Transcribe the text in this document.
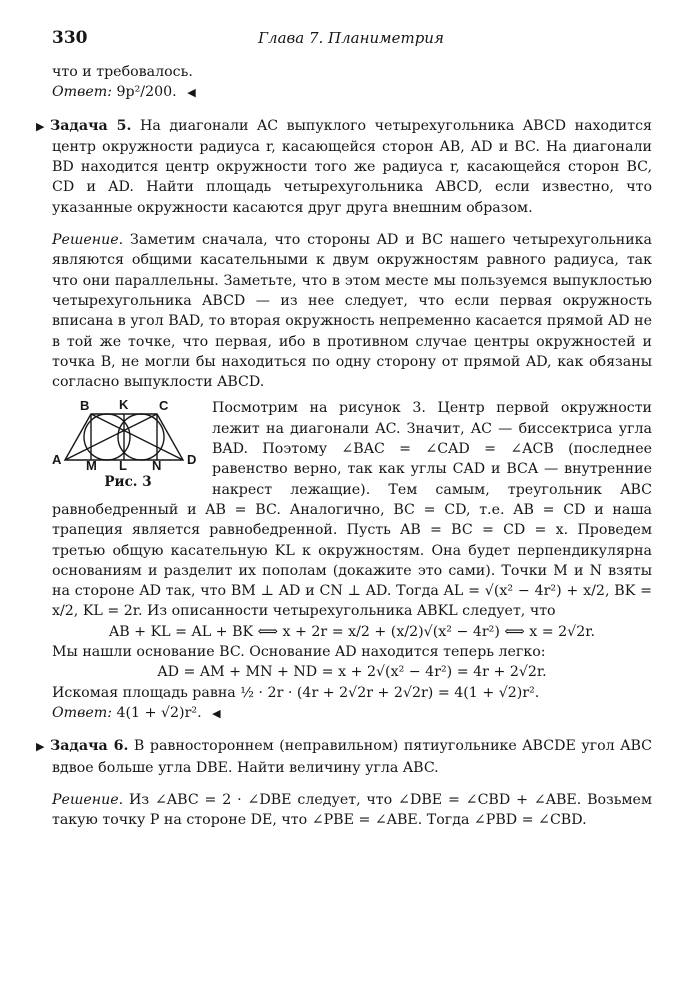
330	Глава 7. Планиметрия

что и требовалось.

Ответ: 9p²/200. ◀

▶ Задача 5. На диагонали AC выпуклого четырехугольника ABCD находится центр окружности радиуса r, касающейся сторон AB, AD и BC. На диагонали BD находится центр окружности того же радиуса r, касающейся сторон BC, CD и AD. Найти площадь четырехугольника ABCD, если известно, что указанные окружности касаются друг друга внешним образом.

Решение. Заметим сначала, что стороны AD и BC нашего четырехугольника являются общими касательными к двум окружностям равного радиуса, так что они параллельны. Заметьте, что в этом месте мы пользуемся выпуклостью четырехугольника ABCD — из нее следует, что если первая окружность вписана в угол BAD, то вторая окружность непременно касается прямой AD не в той же точке, что первая, ибо в противном случае центры окружностей и точка B, не могли бы находиться по одну сторону от прямой AD, как обязаны согласно выпуклости ABCD.

A
B K C
D
M L N
Рис. 3

Посмотрим на рисунок 3. Центр первой окружности лежит на диагонали AC. Значит, AC — биссектриса угла BAD. Поэтому ∠BAC = ∠CAD = ∠ACB (последнее равенство верно, так как углы CAD и BCA — внутренние накрест лежащие). Тем самым, треугольник ABC равнобедренный и AB = BC. Аналогично, BC = CD, т.е. AB = CD и наша трапеция является равнобедренной. Пусть AB = BC = CD = x. Проведем третью общую касательную KL к окружностям. Она будет перпендикулярна основаниям и разделит их пополам (докажите это сами). Точки M и N взяты на стороне AD так, что BM ⊥ AD и CN ⊥ AD. Тогда AL = √(x² − 4r²) + x/2, BK = x/2, KL = 2r. Из описанности четырехугольника ABKL следует, что

AB + KL = AL + BK ⟺ x + 2r = x/2 + (x/2)√(x² − 4r²) ⟺ x = 2√2r.

Мы нашли основание BC. Основание AD находится теперь легко:

AD = AM + MN + ND = x + 2√(x² − 4r²) = 4r + 2√2r.

Искомая площадь равна ½ · 2r · (4r + 2√2r + 2√2r) = 4(1 + √2)r².

Ответ: 4(1 + √2)r². ◀

▶ Задача 6. В равностороннем (неправильном) пятиугольнике ABCDE угол ABC вдвое больше угла DBE. Найти величину угла ABC.

Решение. Из ∠ABC = 2 · ∠DBE следует, что ∠DBE = ∠CBD + ∠ABE. Возьмем такую точку P на стороне DE, что ∠PBE = ∠ABE. Тогда ∠PBD = ∠CBD.
